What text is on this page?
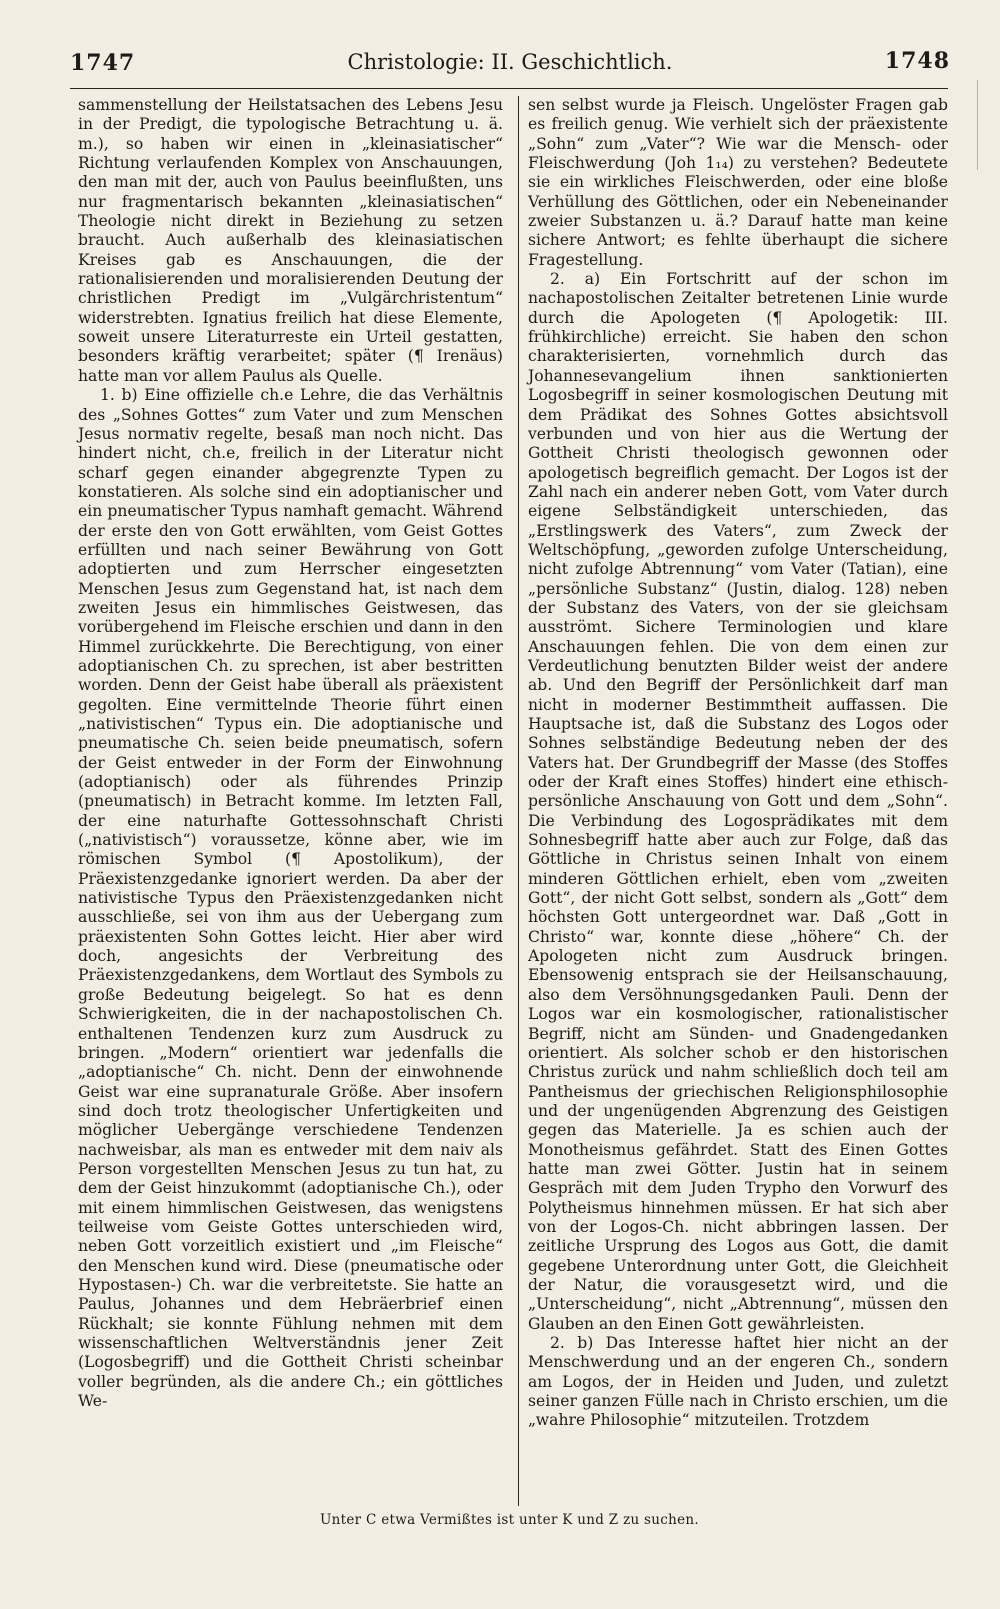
1747	Christologie: II. Geschichtlich.	1748

sammenstellung der Heilstatsachen des Lebens Jesu in der Predigt, die typologische Betrachtung u. ä. m.), so haben wir einen in „kleinasiatischer“ Richtung verlaufenden Komplex von Anschauungen, den man mit der, auch von Paulus beeinflußten, uns nur fragmentarisch bekannten „kleinasiatischen“ Theologie nicht direkt in Beziehung zu setzen braucht. Auch außerhalb des kleinasiatischen Kreises gab es Anschauungen, die der rationalisierenden und moralisierenden Deutung der christlichen Predigt im „Vulgärchristentum“ widerstrebten. Ignatius freilich hat diese Elemente, soweit unsere Literaturreste ein Urteil gestatten, besonders kräftig verarbeitet; später (¶ Irenäus) hatte man vor allem Paulus als Quelle.

1. b) Eine offizielle ch.e Lehre, die das Verhältnis des „Sohnes Gottes“ zum Vater und zum Menschen Jesus normativ regelte, besaß man noch nicht. Das hindert nicht, ch.e, freilich in der Literatur nicht scharf gegen einander abgegrenzte Typen zu konstatieren. Als solche sind ein adoptianischer und ein pneumatischer Typus namhaft gemacht. Während der erste den von Gott erwählten, vom Geist Gottes erfüllten und nach seiner Bewährung von Gott adoptierten und zum Herrscher eingesetzten Menschen Jesus zum Gegenstand hat, ist nach dem zweiten Jesus ein himmlisches Geistwesen, das vorübergehend im Fleische erschien und dann in den Himmel zurückkehrte. Die Berechtigung, von einer adoptianischen Ch. zu sprechen, ist aber bestritten worden. Denn der Geist habe überall als präexistent gegolten. Eine vermittelnde Theorie führt einen „nativistischen“ Typus ein. Die adoptianische und pneumatische Ch. seien beide pneumatisch, sofern der Geist entweder in der Form der Einwohnung (adoptianisch) oder als führendes Prinzip (pneumatisch) in Betracht komme. Im letzten Fall, der eine naturhafte Gottessohnschaft Christi („nativistisch“) voraussetze, könne aber, wie im römischen Symbol (¶ Apostolikum), der Präexistenzgedanke ignoriert werden. Da aber der nativistische Typus den Präexistenzgedanken nicht ausschließe, sei von ihm aus der Uebergang zum präexistenten Sohn Gottes leicht. Hier aber wird doch, angesichts der Verbreitung des Präexistenzgedankens, dem Wortlaut des Symbols zu große Bedeutung beigelegt. So hat es denn Schwierigkeiten, die in der nachapostolischen Ch. enthaltenen Tendenzen kurz zum Ausdruck zu bringen. „Modern“ orientiert war jedenfalls die „adoptianische“ Ch. nicht. Denn der einwohnende Geist war eine supranaturale Größe. Aber insofern sind doch trotz theologischer Unfertigkeiten und möglicher Uebergänge verschiedene Tendenzen nachweisbar, als man es entweder mit dem naiv als Person vorgestellten Menschen Jesus zu tun hat, zu dem der Geist hinzukommt (adoptianische Ch.), oder mit einem himmlischen Geistwesen, das wenigstens teilweise vom Geiste Gottes unterschieden wird, neben Gott vorzeitlich existiert und „im Fleische“ den Menschen kund wird. Diese (pneumatische oder Hypostasen-) Ch. war die verbreitetste. Sie hatte an Paulus, Johannes und dem Hebräerbrief einen Rückhalt; sie konnte Fühlung nehmen mit dem wissenschaftlichen Weltverständnis jener Zeit (Logosbegriff) und die Gottheit Christi scheinbar voller begründen, als die andere Ch.; ein göttliches We-

sen selbst wurde ja Fleisch. Ungelöster Fragen gab es freilich genug. Wie verhielt sich der präexistente „Sohn“ zum „Vater“? Wie war die Mensch- oder Fleischwerdung (Joh 1₁₄) zu verstehen? Bedeutete sie ein wirkliches Fleischwerden, oder eine bloße Verhüllung des Göttlichen, oder ein Nebeneinander zweier Substanzen u. ä.? Darauf hatte man keine sichere Antwort; es fehlte überhaupt die sichere Fragestellung.

2. a) Ein Fortschritt auf der schon im nachapostolischen Zeitalter betretenen Linie wurde durch die Apologeten (¶ Apologetik: III. frühkirchliche) erreicht. Sie haben den schon charakterisierten, vornehmlich durch das Johannesevangelium ihnen sanktionierten Logosbegriff in seiner kosmologischen Deutung mit dem Prädikat des Sohnes Gottes absichtsvoll verbunden und von hier aus die Wertung der Gottheit Christi theologisch gewonnen oder apologetisch begreiflich gemacht. Der Logos ist der Zahl nach ein anderer neben Gott, vom Vater durch eigene Selbständigkeit unterschieden, das „Erstlingswerk des Vaters“, zum Zweck der Weltschöpfung, „geworden zufolge Unterscheidung, nicht zufolge Abtrennung“ vom Vater (Tatian), eine „persönliche Substanz“ (Justin, dialog. 128) neben der Substanz des Vaters, von der sie gleichsam ausströmt. Sichere Terminologien und klare Anschauungen fehlen. Die von dem einen zur Verdeutlichung benutzten Bilder weist der andere ab. Und den Begriff der Persönlichkeit darf man nicht in moderner Bestimmtheit auffassen. Die Hauptsache ist, daß die Substanz des Logos oder Sohnes selbständige Bedeutung neben der des Vaters hat. Der Grundbegriff der Masse (des Stoffes oder der Kraft eines Stoffes) hindert eine ethisch-persönliche Anschauung von Gott und dem „Sohn“. Die Verbindung des Logosprädikates mit dem Sohnesbegriff hatte aber auch zur Folge, daß das Göttliche in Christus seinen Inhalt von einem minderen Göttlichen erhielt, eben vom „zweiten Gott“, der nicht Gott selbst, sondern als „Gott“ dem höchsten Gott untergeordnet war. Daß „Gott in Christo“ war, konnte diese „höhere“ Ch. der Apologeten nicht zum Ausdruck bringen. Ebensowenig entsprach sie der Heilsanschauung, also dem Versöhnungsgedanken Pauli. Denn der Logos war ein kosmologischer, rationalistischer Begriff, nicht am Sünden- und Gnadengedanken orientiert. Als solcher schob er den historischen Christus zurück und nahm schließlich doch teil am Pantheismus der griechischen Religionsphilosophie und der ungenügenden Abgrenzung des Geistigen gegen das Materielle. Ja es schien auch der Monotheismus gefährdet. Statt des Einen Gottes hatte man zwei Götter. Justin hat in seinem Gespräch mit dem Juden Trypho den Vorwurf des Polytheismus hinnehmen müssen. Er hat sich aber von der Logos-Ch. nicht abbringen lassen. Der zeitliche Ursprung des Logos aus Gott, die damit gegebene Unterordnung unter Gott, die Gleichheit der Natur, die vorausgesetzt wird, und die „Unterscheidung“, nicht „Abtrennung“, müssen den Glauben an den Einen Gott gewährleisten.

2. b) Das Interesse haftet hier nicht an der Menschwerdung und an der engeren Ch., sondern am Logos, der in Heiden und Juden, und zuletzt seiner ganzen Fülle nach in Christo erschien, um die „wahre Philosophie“ mitzuteilen. Trotzdem

Unter C etwa Vermißtes ist unter K und Z zu suchen.
